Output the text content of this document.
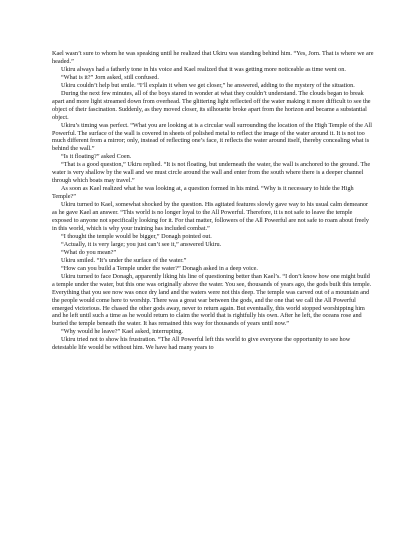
Kael wasn’t sure to whom he was speaking until he realized that Ukiru was standing behind him. “Yes, Jorn. That is where we are headed.”

Ukiru always had a fatherly tone in his voice and Kael realized that it was getting more noticeable as time went on.

“What is it?” Jorn asked, still confused.

Ukiru couldn’t help but smile. “I’ll explain it when we get closer,” he answered, adding to the mystery of the situation.

During the next few minutes, all of the boys stared in wonder at what they couldn’t understand. The clouds began to break apart and more light streamed down from overhead. The glittering light reflected off the water making it more difficult to see the object of their fascination. Suddenly, as they moved closer, its silhouette broke apart from the horizon and became a substantial object.

Ukiru’s timing was perfect. “What you are looking at is a circular wall surrounding the location of the High Temple of the All Powerful. The surface of the wall is covered in sheets of polished metal to reflect the image of the water around it. It is not too much different from a mirror; only, instead of reflecting one’s face, it reflects the water around itself, thereby concealing what is behind the wall.”

“Is it floating?” asked Coen.

“That is a good question,” Ukiru replied. “It is not floating, but underneath the water, the wall is anchored to the ground. The water is very shallow by the wall and we must circle around the wall and enter from the south where there is a deeper channel through which boats may travel.”

As soon as Kael realized what he was looking at, a question formed in his mind. “Why is it necessary to hide the High Temple?”

Ukiru turned to Kael, somewhat shocked by the question. His agitated features slowly gave way to his usual calm demeanor as he gave Kael an answer. “This world is no longer loyal to the All Powerful. Therefore, it is not safe to leave the temple exposed to anyone not specifically looking for it. For that matter, followers of the All Powerful are not safe to roam about freely in this world, which is why your training has included combat.”

“I thought the temple would be bigger,” Donagh pointed out.

“Actually, it is very large; you just can’t see it,” answered Ukiru.

“What do you mean?”

Ukiru smiled. “It’s under the surface of the water.”

“How can you build a Temple under the water?” Donagh asked in a deep voice.

Ukiru turned to face Donagh, apparently liking his line of questioning better than Kael’s. “I don’t know how one might build a temple under the water, but this one was originally above the water. You see, thousands of years ago, the gods built this temple. Everything that you see now was once dry land and the waters were not this deep. The temple was carved out of a mountain and the people would come here to worship. There was a great war between the gods, and the one that we call the All Powerful emerged victorious. He chased the other gods away, never to return again. But eventually, this world stopped worshipping him and he left until such a time as he would return to claim the world that is rightfully his own. After he left, the oceans rose and buried the temple beneath the water. It has remained this way for thousands of years until now.”

“Why would he leave?” Kael asked, interrupting.

Ukiru tried not to show his frustration. “The All Powerful left this world to give everyone the opportunity to see how detestable life would be without him. We have had many years to
